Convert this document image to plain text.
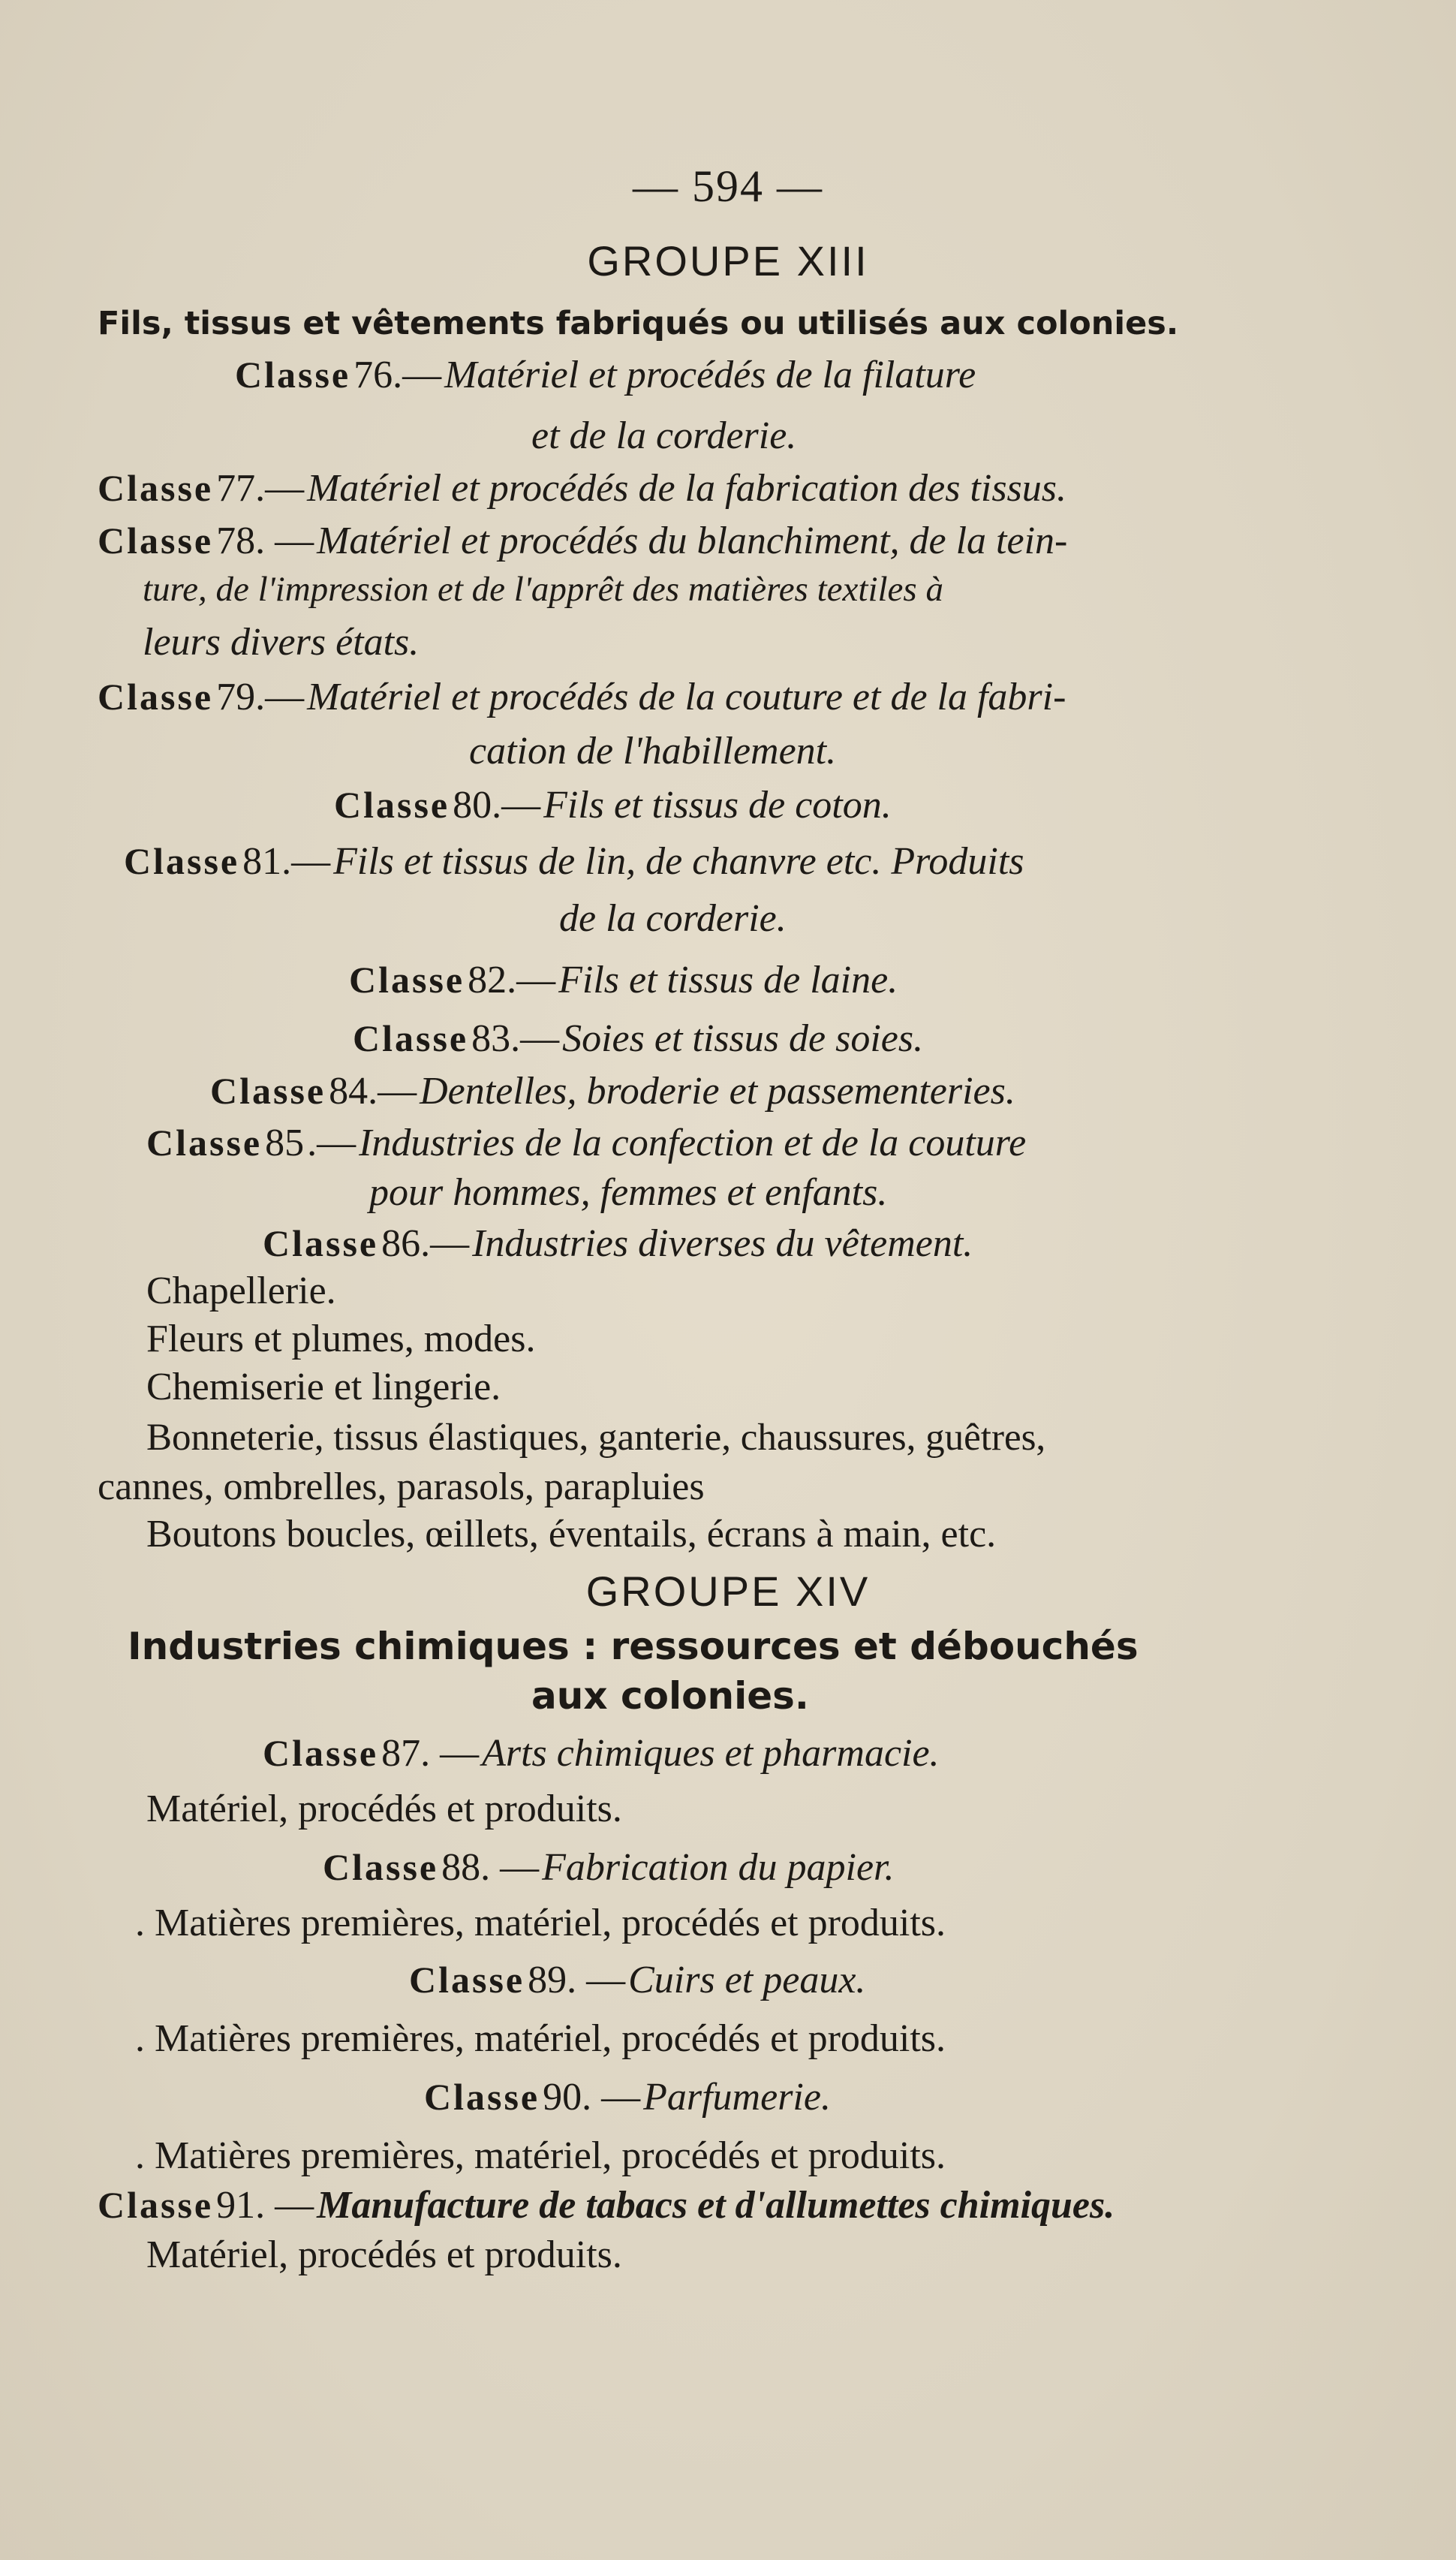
— 594 —
GROUPE XIII
Fils, tissus et vêtements fabriqués ou utilisés aux colonies.
Classe 76.— Matériel et procédés de la filature
et de la corderie.
Classe 77.— Matériel et procédés de la fabrication des tissus.
Classe 78. — Matériel et procédés du blanchiment, de la tein-
ture, de l'impression et de l'apprêt des matières textiles à
leurs divers états.
Classe 79.— Matériel et procédés de la couture et de la fabri-
cation de l'habillement.
Classe 80.— Fils et tissus de coton.
Classe 81.— Fils et tissus de lin, de chanvre etc. Produits
de la corderie.
Classe 82.— Fils et tissus de laine.
Classe 83.— Soies et tissus de soies.
Classe 84.— Dentelles, broderie et passementeries.
Classe 85 .— Industries de la confection et de la couture
pour hommes, femmes et enfants.
Classe 86.— Industries diverses du vêtement.
Chapellerie.
Fleurs et plumes, modes.
Chemiserie et lingerie.
Bonneterie, tissus élastiques, ganterie, chaussures, guêtres,
cannes, ombrelles, parasols, parapluies
Boutons boucles, œillets, éventails, écrans à main, etc.
GROUPE XIV
Industries chimiques : ressources et débouchés
aux colonies.
Classe 87. — Arts chimiques et pharmacie.
Matériel, procédés et produits.
Classe 88. — Fabrication du papier.
. Matières premières, matériel, procédés et produits.
Classe 89. — Cuirs et peaux.
. Matières premières, matériel, procédés et produits.
Classe 90. — Parfumerie.
. Matières premières, matériel, procédés et produits.
Classe 91. — Manufacture de tabacs et d'allumettes chimiques.
Matériel, procédés et produits.
